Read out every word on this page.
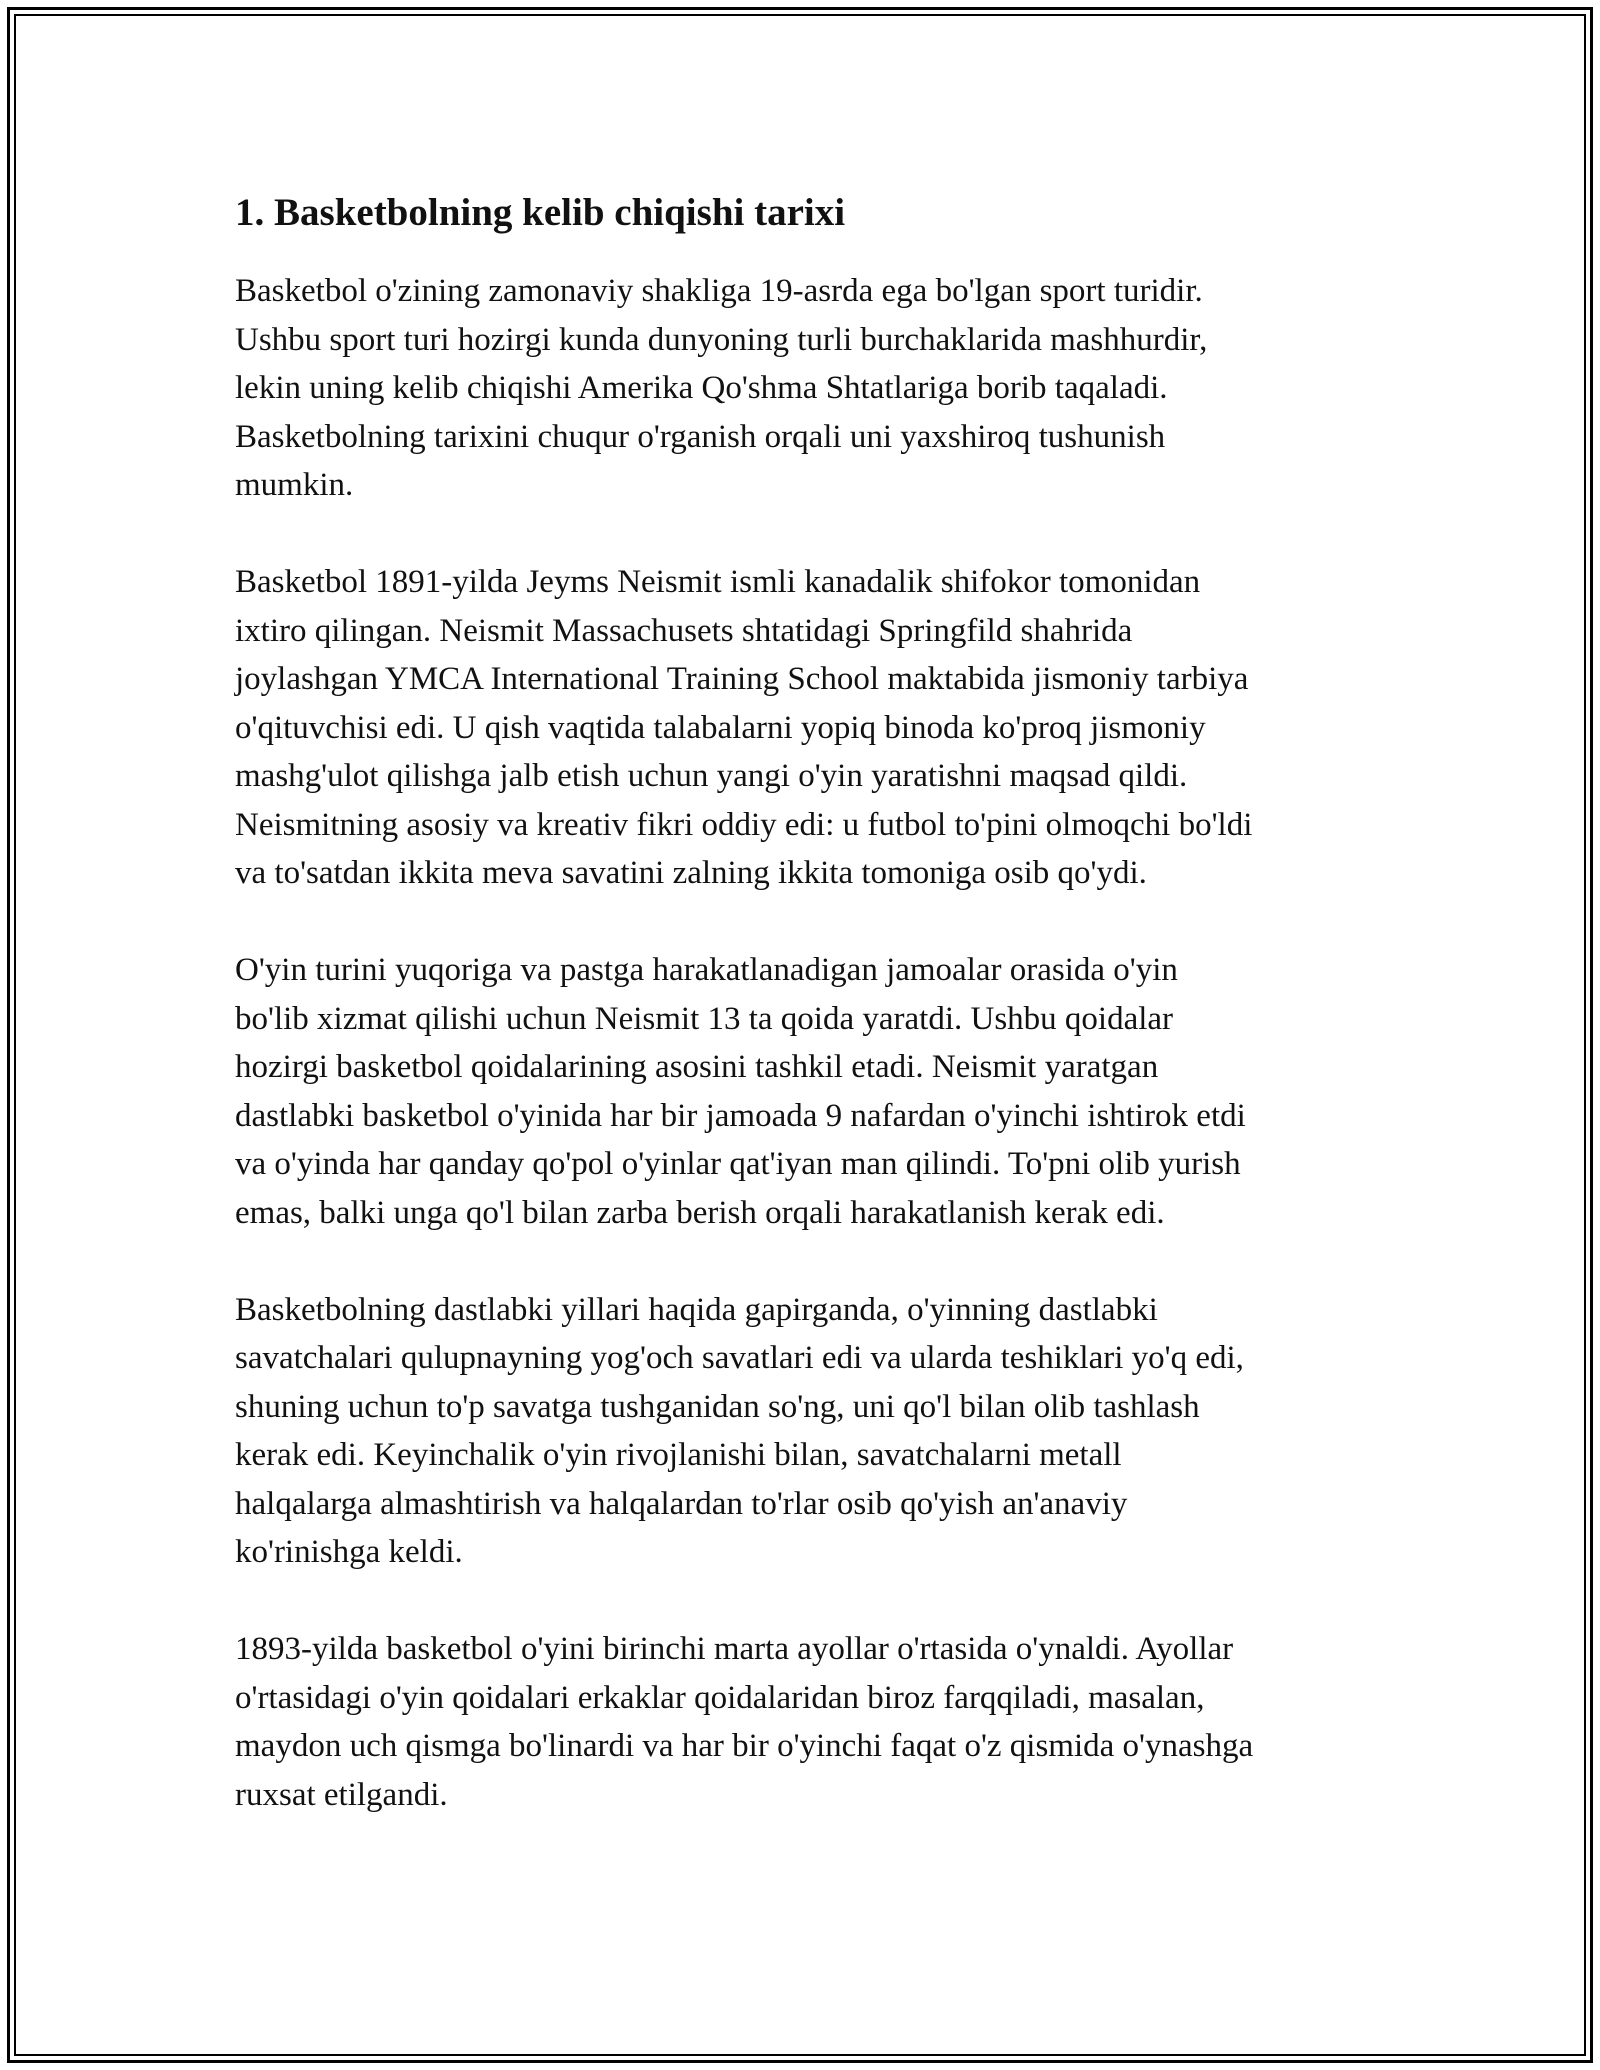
1. Basketbolning kelib chiqishi tarixi
Basketbol o'zining zamonaviy shakliga 19-asrda ega bo'lgan sport turidir.
Ushbu sport turi hozirgi kunda dunyoning turli burchaklarida mashhurdir,
lekin uning kelib chiqishi Amerika Qo'shma Shtatlariga borib taqaladi.
Basketbolning tarixini chuqur o'rganish orqali uni yaxshiroq tushunish
mumkin.
Basketbol 1891-yilda Jeyms Neismit ismli kanadalik shifokor tomonidan
ixtiro qilingan. Neismit Massachusets shtatidagi Springfild shahrida
joylashgan YMCA International Training School maktabida jismoniy tarbiya
o'qituvchisi edi. U qish vaqtida talabalarni yopiq binoda ko'proq jismoniy
mashg'ulot qilishga jalb etish uchun yangi o'yin yaratishni maqsad qildi.
Neismitning asosiy va kreativ fikri oddiy edi: u futbol to'pini olmoqchi bo'ldi
va to'satdan ikkita meva savatini zalning ikkita tomoniga osib qo'ydi.
O'yin turini yuqoriga va pastga harakatlanadigan jamoalar orasida o'yin
bo'lib xizmat qilishi uchun Neismit 13 ta qoida yaratdi. Ushbu qoidalar
hozirgi basketbol qoidalarining asosini tashkil etadi. Neismit yaratgan
dastlabki basketbol o'yinida har bir jamoada 9 nafardan o'yinchi ishtirok etdi
va o'yinda har qanday qo'pol o'yinlar qat'iyan man qilindi. To'pni olib yurish
emas, balki unga qo'l bilan zarba berish orqali harakatlanish kerak edi.
Basketbolning dastlabki yillari haqida gapirganda, o'yinning dastlabki
savatchalari qulupnayning yog'och savatlari edi va ularda teshiklari yo'q edi,
shuning uchun to'p savatga tushganidan so'ng, uni qo'l bilan olib tashlash
kerak edi. Keyinchalik o'yin rivojlanishi bilan, savatchalarni metall
halqalarga almashtirish va halqalardan to'rlar osib qo'yish an'anaviy
ko'rinishga keldi.
1893-yilda basketbol o'yini birinchi marta ayollar o'rtasida o'ynaldi. Ayollar
o'rtasidagi o'yin qoidalari erkaklar qoidalaridan biroz farqqiladi, masalan,
maydon uch qismga bo'linardi va har bir o'yinchi faqat o'z qismida o'ynashga
ruxsat etilgandi.
